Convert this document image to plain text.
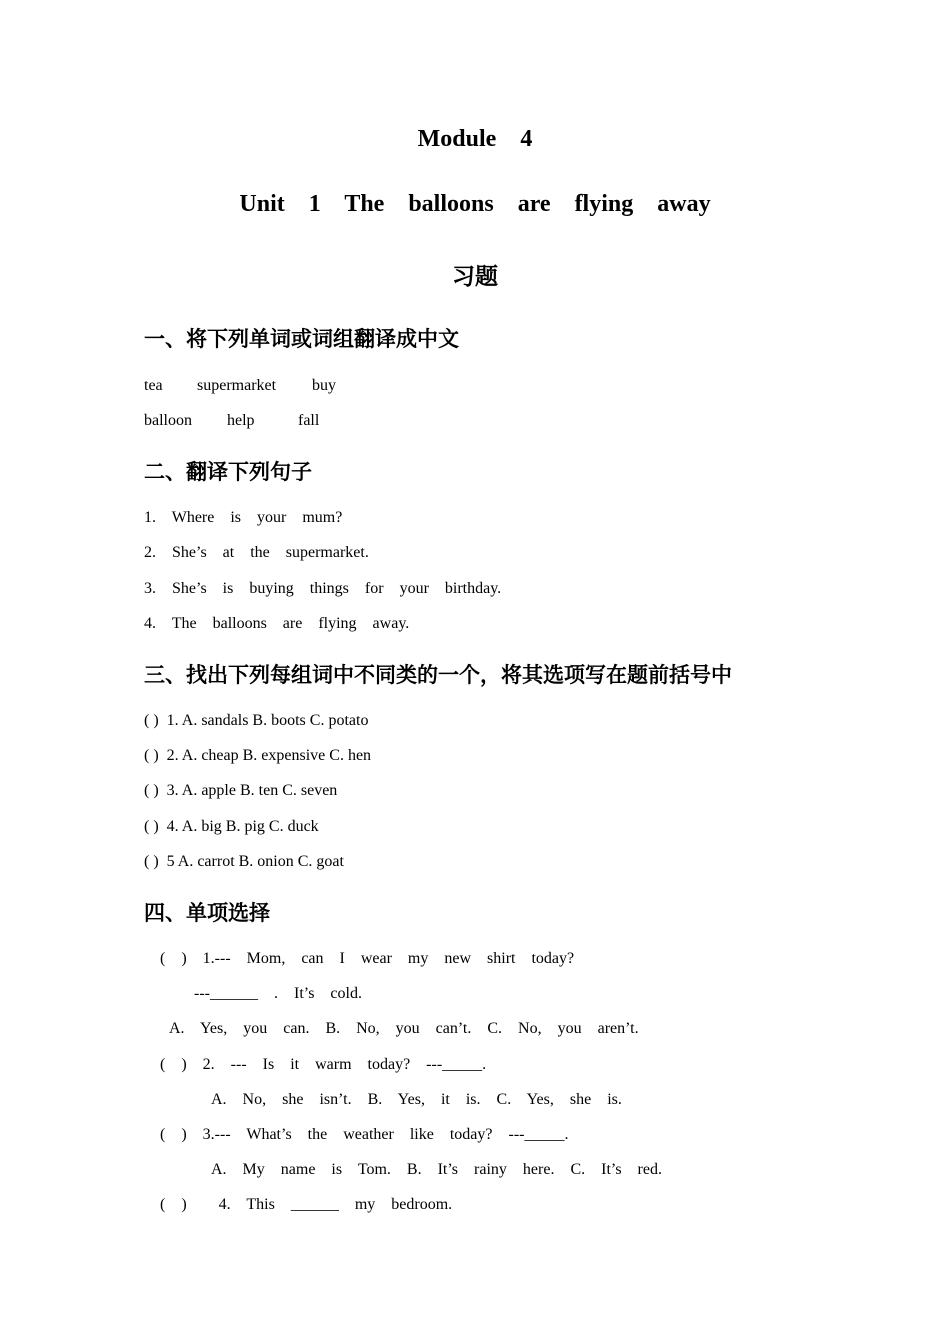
Module  4
Unit  1  The  balloons  are  flying  away
习题
一、将下列单词或词组翻译成中文
tea supermarket buy
balloon help	fall
二、翻译下列句子
1.  Where  is  your  mum?
2.  She’s  at  the  supermarket.
3.  She’s  is  buying  things  for  your  birthday.
4.  The  balloons  are  flying  away.
三、找出下列每组词中不同类的一个，将其选项写在题前括号中
( )  1. A. sandals B. boots C. potato
( )  2. A. cheap B. expensive C. hen
( )  3. A. apple B. ten C. seven
( )  4. A. big B. pig C. duck
( )  5 A. carrot B. onion C. goat
四、单项选择
(  )  1.---  Mom,  can  I  wear  my  new  shirt  today?
---______  .  It’s  cold.
A.  Yes,  you  can.  B.  No,  you  can’t.  C.  No,  you  aren’t.
(  )  2.  ---  Is  it  warm  today?  ---_____.
A.  No,  she  isn’t.  B.  Yes,  it  is.  C.  Yes,  she  is.
(  )  3.---  What’s  the  weather  like  today?  ---_____.
A.  My  name  is  Tom.  B.  It’s  rainy  here.  C.  It’s  red.
(  )    4.  This  ______  my  bedroom.
